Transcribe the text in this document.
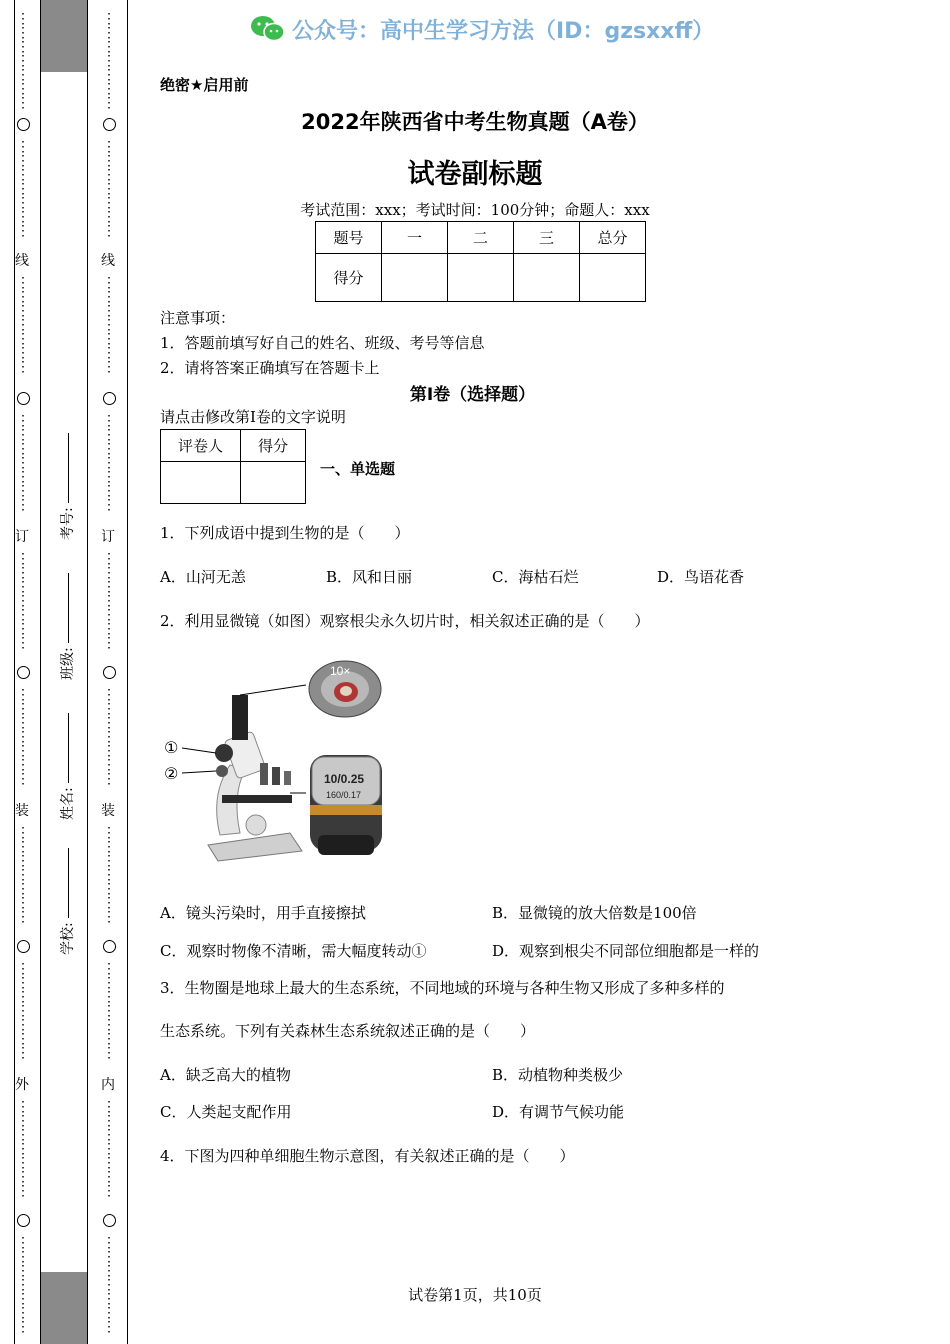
⋮
⋮
⋮
⋮
⋮
⋮
⋮
⋮
⋮
⋮
⋮
⋮
⋮
⋮
线
⋮
⋮
⋮
⋮
⋮
⋮
⋮
⋮
⋮
⋮
⋮
⋮
⋮
⋮
订
⋮
⋮
⋮
⋮
⋮
⋮
⋮
⋮
⋮
⋮
⋮
⋮
⋮
⋮
装
⋮
⋮
⋮
⋮
⋮
⋮
⋮
⋮
⋮
⋮
⋮
⋮
⋮
⋮
外
⋮
⋮
⋮
⋮
⋮
⋮
⋮
⋮
⋮
⋮
⋮
⋮
⋮
⋮
考号:
班级:
姓名:
学校:
⋮
⋮
⋮
⋮
⋮
⋮
⋮
⋮
⋮
⋮
⋮
⋮
⋮
⋮
线
⋮
⋮
⋮
⋮
⋮
⋮
⋮
⋮
⋮
⋮
⋮
⋮
⋮
⋮
订
⋮
⋮
⋮
⋮
⋮
⋮
⋮
⋮
⋮
⋮
⋮
⋮
⋮
⋮
装
⋮
⋮
⋮
⋮
⋮
⋮
⋮
⋮
⋮
⋮
⋮
⋮
⋮
⋮
内
⋮
⋮
⋮
⋮
⋮
⋮
⋮
⋮
⋮
⋮
⋮
⋮
⋮
⋮
公众号：高中生学习方法（ID：gzsxxff）
绝密★启用前
2022年陕西省中考生物真题（A卷）
试卷副标题
考试范围：xxx；考试时间：100分钟；命题人：xxx
题号	一	二	三	总分
得分				
注意事项：
1．答题前填写好自己的姓名、班级、考号等信息
2．请将答案正确填写在答题卡上
第I卷（选择题）
请点击修改第I卷的文字说明
评卷人	得分

一、单选题
1．下列成语中提到生物的是（　　）
A．山河无恙	B．风和日丽	C．海枯石烂	D．鸟语花香
2．利用显微镜（如图）观察根尖永久切片时，相关叙述正确的是（　　）
10×
10/0.25
160/0.17
①
②
A．镜头污染时，用手直接擦拭	B．显微镜的放大倍数是100倍
C．观察时物像不清晰，需大幅度转动①	D．观察到根尖不同部位细胞都是一样的
3．生物圈是地球上最大的生态系统，不同地域的环境与各种生物又形成了多种多样的
生态系统。下列有关森林生态系统叙述正确的是（　　）
A．缺乏高大的植物	B．动植物种类极少
C．人类起支配作用	D．有调节气候功能
4．下图为四种单细胞生物示意图，有关叙述正确的是（　　）
试卷第1页，共10页
